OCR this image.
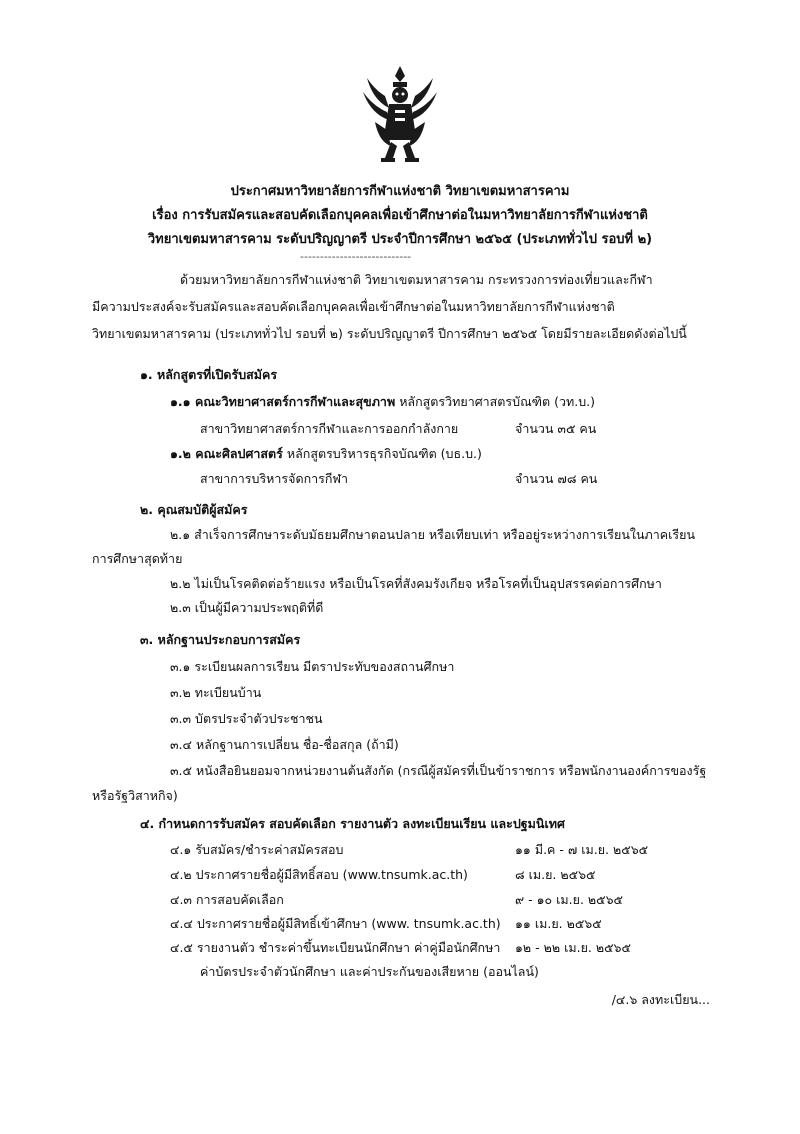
ประกาศมหาวิทยาลัยการกีฬาแห่งชาติ วิทยาเขตมหาสารคาม
เรื่อง การรับสมัครและสอบคัดเลือกบุคคลเพื่อเข้าศึกษาต่อในมหาวิทยาลัยการกีฬาแห่งชาติ
วิทยาเขตมหาสารคาม ระดับปริญญาตรี ประจำปีการศึกษา ๒๕๖๕ (ประเภททั่วไป รอบที่ ๒)
----------------------------
ด้วยมหาวิทยาลัยการกีฬาแห่งชาติ วิทยาเขตมหาสารคาม กระทรวงการท่องเที่ยวและกีฬา
มีความประสงค์จะรับสมัครและสอบคัดเลือกบุคคลเพื่อเข้าศึกษาต่อในมหาวิทยาลัยการกีฬาแห่งชาติ
วิทยาเขตมหาสารคาม (ประเภททั่วไป รอบที่ ๒) ระดับปริญญาตรี ปีการศึกษา ๒๕๖๕ โดยมีรายละเอียดดังต่อไปนี้
๑. หลักสูตรที่เปิดรับสมัคร
๑.๑ คณะวิทยาศาสตร์การกีฬาและสุขภาพ หลักสูตรวิทยาศาสตรบัณฑิต (วท.บ.)
สาขาวิทยาศาสตร์การกีฬาและการออกกำลังกาย	จำนวน ๓๕ คน
๑.๒ คณะศิลปศาสตร์ หลักสูตรบริหารธุรกิจบัณฑิต (บธ.บ.)
สาขาการบริหารจัดการกีฬา	จำนวน ๗๘ คน
๒. คุณสมบัติผู้สมัคร
๒.๑ สำเร็จการศึกษาระดับมัธยมศึกษาตอนปลาย หรือเทียบเท่า หรืออยู่ระหว่างการเรียนในภาคเรียน
การศึกษาสุดท้าย
๒.๒ ไม่เป็นโรคติดต่อร้ายแรง หรือเป็นโรคที่สังคมรังเกียจ หรือโรคที่เป็นอุปสรรคต่อการศึกษา
๒.๓ เป็นผู้มีความประพฤติที่ดี
๓. หลักฐานประกอบการสมัคร
๓.๑ ระเบียนผลการเรียน มีตราประทับของสถานศึกษา
๓.๒ ทะเบียนบ้าน
๓.๓ บัตรประจำตัวประชาชน
๓.๔ หลักฐานการเปลี่ยน ชื่อ-ชื่อสกุล (ถ้ามี)
๓.๕ หนังสือยินยอมจากหน่วยงานต้นสังกัด (กรณีผู้สมัครที่เป็นข้าราชการ หรือพนักงานองค์การของรัฐ
หรือรัฐวิสาหกิจ)
๔. กำหนดการรับสมัคร สอบคัดเลือก รายงานตัว ลงทะเบียนเรียน และปฐมนิเทศ
๔.๑ รับสมัคร/ชำระค่าสมัครสอบ	๑๑ มี.ค - ๗ เม.ย. ๒๕๖๕
๔.๒ ประกาศรายชื่อผู้มีสิทธิ์สอบ (www.tnsumk.ac.th)	๘ เม.ย. ๒๕๖๕
๔.๓ การสอบคัดเลือก	๙ - ๑๐ เม.ย. ๒๕๖๕
๔.๔ ประกาศรายชื่อผู้มีสิทธิ์เข้าศึกษา (www. tnsumk.ac.th) ๑๑ เม.ย. ๒๕๖๕
๔.๕ รายงานตัว ชำระค่าขึ้นทะเบียนนักศึกษา ค่าคู่มือนักศึกษา ๑๒ - ๒๒ เม.ย. ๒๕๖๕
ค่าบัตรประจำตัวนักศึกษา และค่าประกันของเสียหาย (ออนไลน์)
/๔.๖ ลงทะเบียน...
